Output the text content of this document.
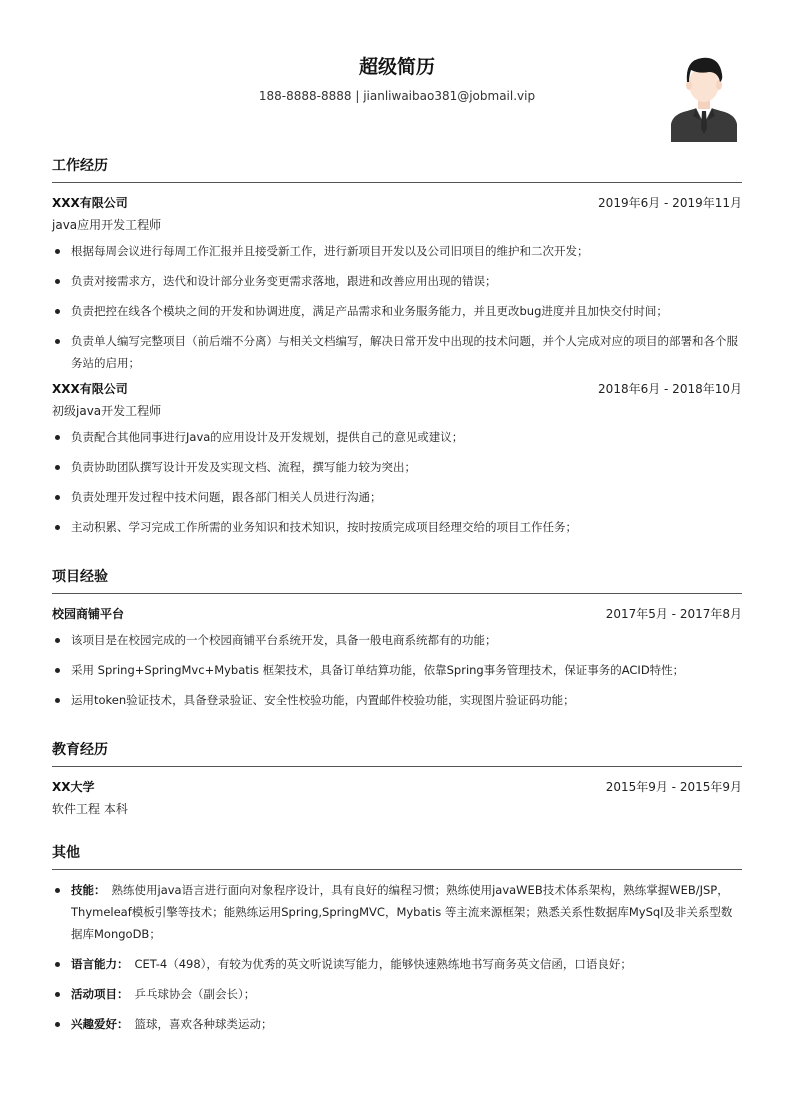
超级简历
188-8888-8888 | jianliwaibao381@jobmail.vip
工作经历
XXX有限公司	2019年6月 - 2019年11月
java应用开发工程师
根据每周会议进行每周工作汇报并且接受新工作，进行新项目开发以及公司旧项目的维护和二次开发；
负责对接需求方，迭代和设计部分业务变更需求落地，跟进和改善应用出现的错误；
负责把控在线各个模块之间的开发和协调进度，满足产品需求和业务服务能力，并且更改bug进度并且加快交付时间；
负责单人编写完整项目（前后端不分离）与相关文档编写，解决日常开发中出现的技术问题，并个人完成对应的项目的部署和各个服务站的启用；
XXX有限公司	2018年6月 - 2018年10月
初级java开发工程师
负责配合其他同事进行Java的应用设计及开发规划，提供自己的意见或建议；
负责协助团队撰写设计开发及实现文档、流程，撰写能力较为突出；
负责处理开发过程中技术问题，跟各部门相关人员进行沟通；
主动积累、学习完成工作所需的业务知识和技术知识，按时按质完成项目经理交给的项目工作任务；
项目经验
校园商铺平台	2017年5月 - 2017年8月
该项目是在校园完成的一个校园商铺平台系统开发，具备一般电商系统都有的功能；
采用 Spring+SpringMvc+Mybatis 框架技术，具备订单结算功能，依靠Spring事务管理技术，保证事务的ACID特性；
运用token验证技术，具备登录验证、安全性校验功能，内置邮件校验功能，实现图片验证码功能；
教育经历
XX大学	2015年9月 - 2015年9月
软件工程 本科
其他
技能： 熟练使用java语言进行面向对象程序设计，具有良好的编程习惯；熟练使用javaWEB技术体系架构，熟练掌握WEB/JSP，Thymeleaf模板引擎等技术；能熟练运用Spring,SpringMVC，Mybatis 等主流来源框架；熟悉关系性数据库MySql及非关系型数据库MongoDB；
语言能力： CET-4（498），有较为优秀的英文听说读写能力，能够快速熟练地书写商务英文信函，口语良好；
活动项目： 乒乓球协会（副会长）；
兴趣爱好： 篮球，喜欢各种球类运动；
